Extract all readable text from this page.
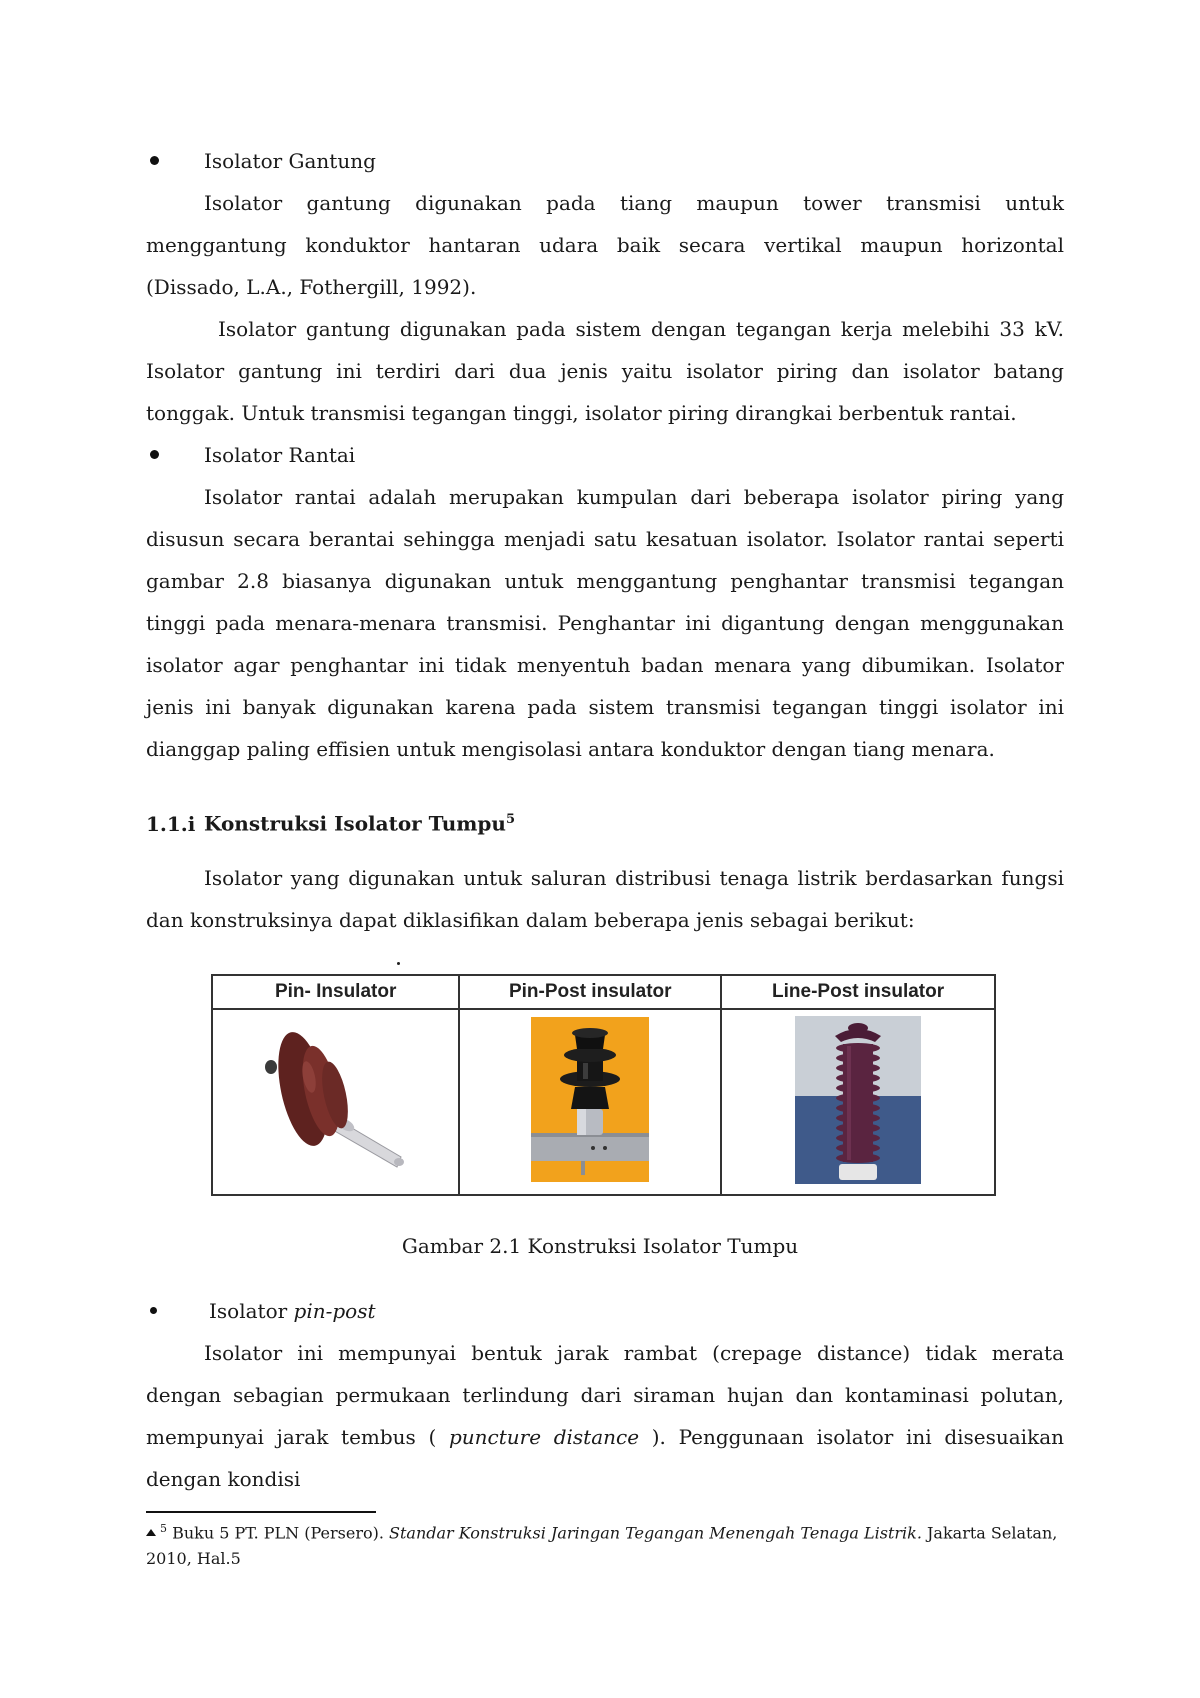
Isolator Gantung

Isolator gantung digunakan pada tiang maupun tower transmisi untuk menggantung konduktor hantaran udara baik secara vertikal maupun horizontal (Dissado, L.A., Fothergill, 1992).

Isolator gantung digunakan pada sistem dengan tegangan kerja melebihi 33 kV. Isolator gantung ini terdiri dari dua jenis yaitu isolator piring dan isolator batang tonggak. Untuk transmisi tegangan tinggi, isolator piring dirangkai berbentuk rantai.

Isolator Rantai

Isolator rantai adalah merupakan kumpulan dari beberapa isolator piring yang disusun secara berantai sehingga menjadi satu kesatuan isolator. Isolator rantai seperti gambar 2.8 biasanya digunakan untuk menggantung penghantar transmisi tegangan tinggi pada menara-menara transmisi. Penghantar ini digantung dengan menggunakan isolator agar penghantar ini tidak menyentuh badan menara yang dibumikan. Isolator jenis ini banyak digunakan karena pada sistem transmisi tegangan tinggi isolator ini dianggap paling effisien untuk mengisolasi antara konduktor dengan tiang menara.

1.1.i Konstruksi Isolator Tumpu$^5$

Isolator yang digunakan untuk saluran distribusi tenaga listrik berdasarkan fungsi dan konstruksinya dapat diklasifikan dalam beberapa jenis sebagai berikut:

Pin- Insulator	Pin-Post insulator	Line-Post insulator

Gambar 2.1 Konstruksi Isolator Tumpu
Isolator pin-post

Isolator ini mempunyai bentuk jarak rambat (crepage distance) tidak merata dengan sebagian permukaan terlindung dari siraman hujan dan kontaminasi polutan, mempunyai jarak tembus ( puncture distance ). Penggunaan isolator ini disesuaikan dengan kondisi

$^5$ Buku 5 PT. PLN (Persero). Standar Konstruksi Jaringan Tegangan Menengah Tenaga Listrik. Jakarta Selatan, 2010, Hal.5
